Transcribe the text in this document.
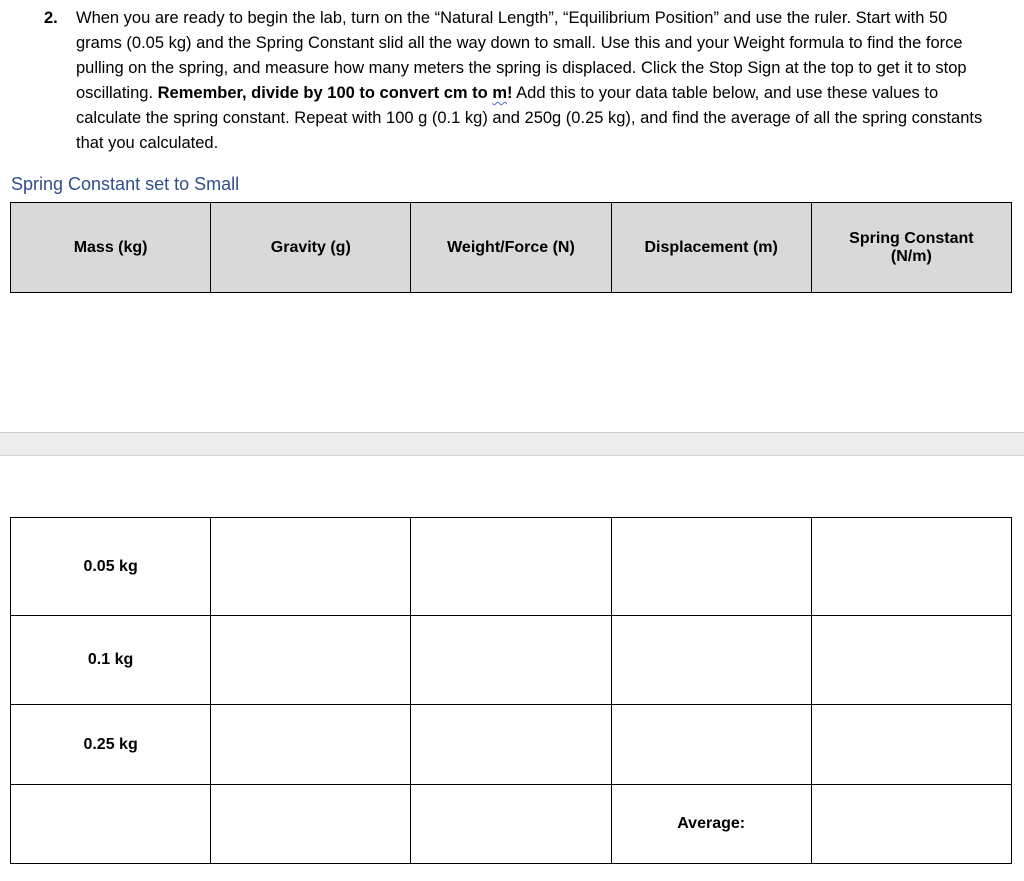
2. When you are ready to begin the lab, turn on the “Natural Length”, “Equilibrium Position” and use the ruler. Start with 50 grams (0.05 kg) and the Spring Constant slid all the way down to small. Use this and your Weight formula to find the force pulling on the spring, and measure how many meters the spring is displaced. Click the Stop Sign at the top to get it to stop oscillating. Remember, divide by 100 to convert cm to m! Add this to your data table below, and use these values to calculate the spring constant. Repeat with 100 g (0.1 kg) and 250g (0.25 kg), and find the average of all the spring constants that you calculated.
Spring Constant set to Small
Mass (kg)	Gravity (g)	Weight/Force (N)	Displacement (m)	Spring Constant (N/m)
0.05 kg				
0.1 kg				
0.25 kg				
			Average:	
